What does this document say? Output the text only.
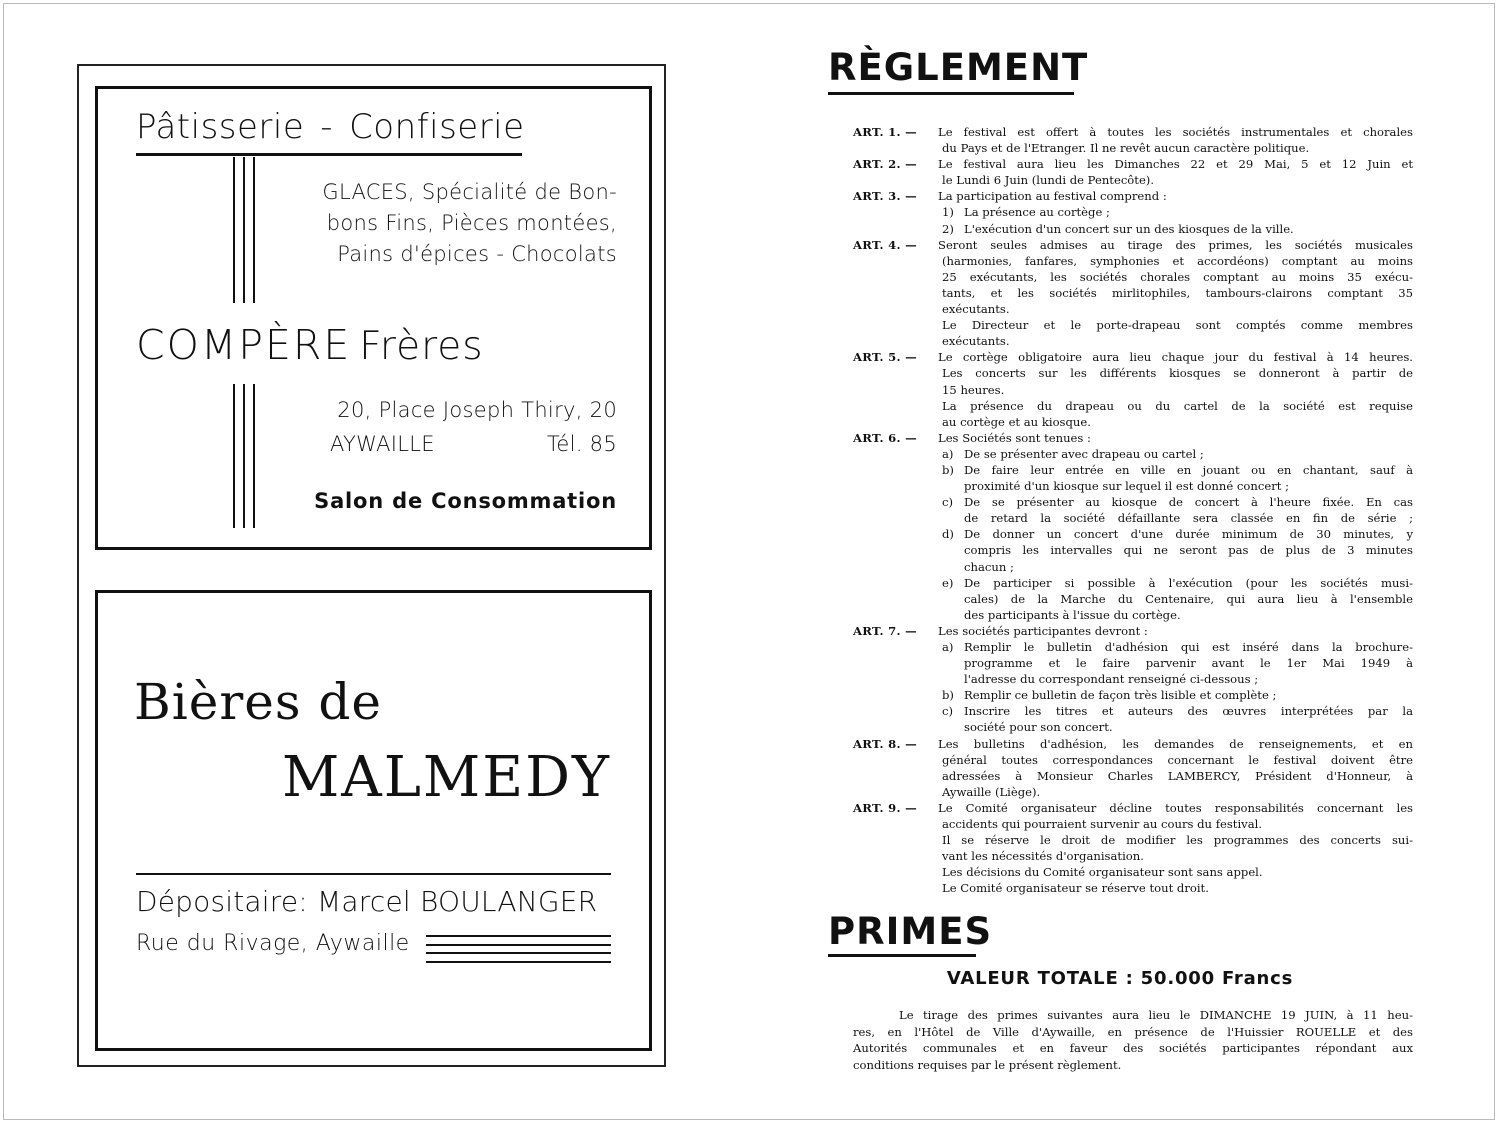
Pâtisserie - Confiserie
GLACES, Spécialité de Bon-
bons Fins, Pièces montées,
Pains d'épices - Chocolats
COMPÈRE Frères
20, Place Joseph Thiry, 20
AYWAILLE	Tél. 85
Salon de Consommation
Bières de
MALMEDY
Dépositaire: Marcel BOULANGER
Rue du Rivage, Aywaille
RÈGLEMENT
ART. 1. —	Le festival est offert à toutes les sociétés instrumentales et chorales
du Pays et de l'Etranger. Il ne revêt aucun caractère politique.
ART. 2. —	Le festival aura lieu les Dimanches 22 et 29 Mai, 5 et 12 Juin et
le Lundi 6 Juin (lundi de Pentecôte).
ART. 3. —	La participation au festival comprend :
1) La présence au cortège ;
2) L'exécution d'un concert sur un des kiosques de la ville.
ART. 4. —	Seront seules admises au tirage des primes, les sociétés musicales
(harmonies, fanfares, symphonies et accordéons) comptant au moins
25 exécutants, les sociétés chorales comptant au moins 35 exécu-
tants, et les sociétés mirlitophiles, tambours-clairons comptant 35
exécutants.
Le Directeur et le porte-drapeau sont comptés comme membres
exécutants.
ART. 5. —	Le cortège obligatoire aura lieu chaque jour du festival à 14 heures.
Les concerts sur les différents kiosques se donneront à partir de
15 heures.
La présence du drapeau ou du cartel de la société est requise
au cortège et au kiosque.
ART. 6. —	Les Sociétés sont tenues :
a) De se présenter avec drapeau ou cartel ;
b) De faire leur entrée en ville en jouant ou en chantant, sauf à
proximité d'un kiosque sur lequel il est donné concert ;
c) De se présenter au kiosque de concert à l'heure fixée. En cas
de retard la société défaillante sera classée en fin de série ;
d) De donner un concert d'une durée minimum de 30 minutes, y
compris les intervalles qui ne seront pas de plus de 3 minutes
chacun ;
e) De participer si possible à l'exécution (pour les sociétés musi-
cales) de la Marche du Centenaire, qui aura lieu à l'ensemble
des participants à l'issue du cortège.
ART. 7. —	Les sociétés participantes devront :
a) Remplir le bulletin d'adhésion qui est inséré dans la brochure-
programme et le faire parvenir avant le 1er Mai 1949 à
l'adresse du correspondant renseigné ci-dessous ;
b) Remplir ce bulletin de façon très lisible et complète ;
c) Inscrire les titres et auteurs des œuvres interprétées par la
société pour son concert.
ART. 8. —	Les bulletins d'adhésion, les demandes de renseignements, et en
général toutes correspondances concernant le festival doivent être
adressées à Monsieur Charles LAMBERCY, Président d'Honneur, à
Aywaille (Liège).
ART. 9. —	Le Comité organisateur décline toutes responsabilités concernant les
accidents qui pourraient survenir au cours du festival.
Il se réserve le droit de modifier les programmes des concerts sui-
vant les nécessités d'organisation.
Les décisions du Comité organisateur sont sans appel.
Le Comité organisateur se réserve tout droit.
PRIMES
VALEUR TOTALE : 50.000 Francs
Le tirage des primes suivantes aura lieu le DIMANCHE 19 JUIN, à 11 heu-
res, en l'Hôtel de Ville d'Aywaille, en présence de l'Huissier ROUELLE et des
Autorités communales et en faveur des sociétés participantes répondant aux
conditions requises par le présent règlement.
